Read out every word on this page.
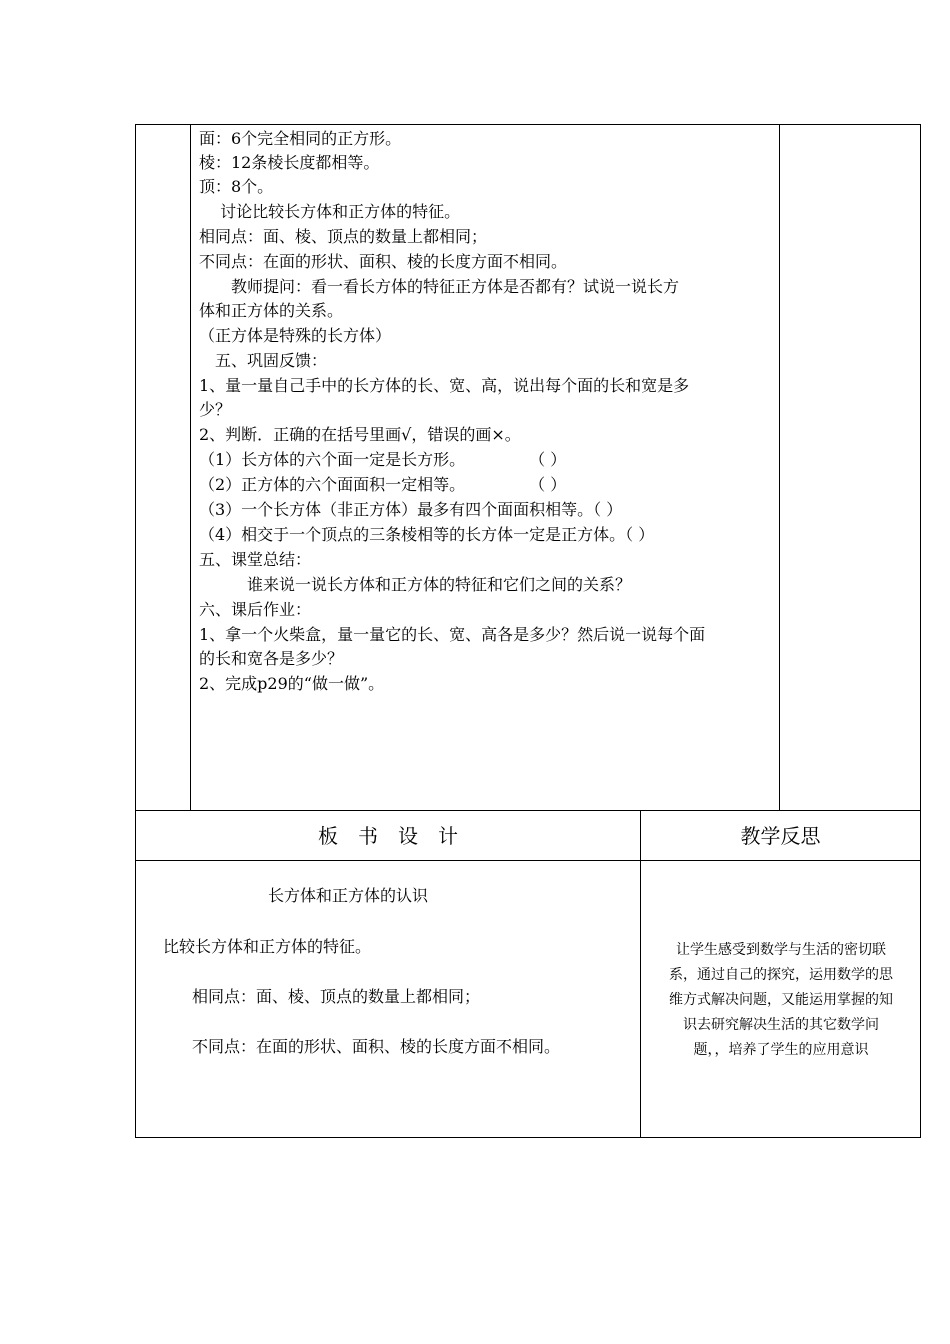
面：6个完全相同的正方形。
棱：12条棱长度都相等。
顶：8个。
　 讨论比较长方体和正方体的特征。
相同点：面、棱、顶点的数量上都相同；
不同点：在面的形状、面积、棱的长度方面不相同。
　　教师提问：看一看长方体的特征正方体是否都有？试说一说长方
体和正方体的关系。
（正方体是特殊的长方体）
　五、巩固反馈：
1、量一量自己手中的长方体的长、宽、高，说出每个面的长和宽是多
少？
2、判断．正确的在括号里画√，错误的画×。
（1）长方体的六个面一定是长方形。　　　　　（ ）
（2）正方体的六个面面积一定相等。　　　　　（ ）
（3）一个长方体（非正方体）最多有四个面面积相等。（ ）
（4）相交于一个顶点的三条棱相等的长方体一定是正方体。（ ）
五、课堂总结：
　　　谁来说一说长方体和正方体的特征和它们之间的关系？
六、课后作业：
1、拿一个火柴盒，量一量它的长、宽、高各是多少？然后说一说每个面
的长和宽各是多少？
2、完成p29的“做一做”。
板　书　设　计	教学反思
长方体和正方体的认识
比较长方体和正方体的特征。
相同点：面、棱、顶点的数量上都相同；
不同点：在面的形状、面积、棱的长度方面不相同。
让学生感受到数学与生活的密切联
系，通过自己的探究，运用数学的思
维方式解决问题，又能运用掌握的知
识去研究解决生活的其它数学问
题，，培养了学生的应用意识
